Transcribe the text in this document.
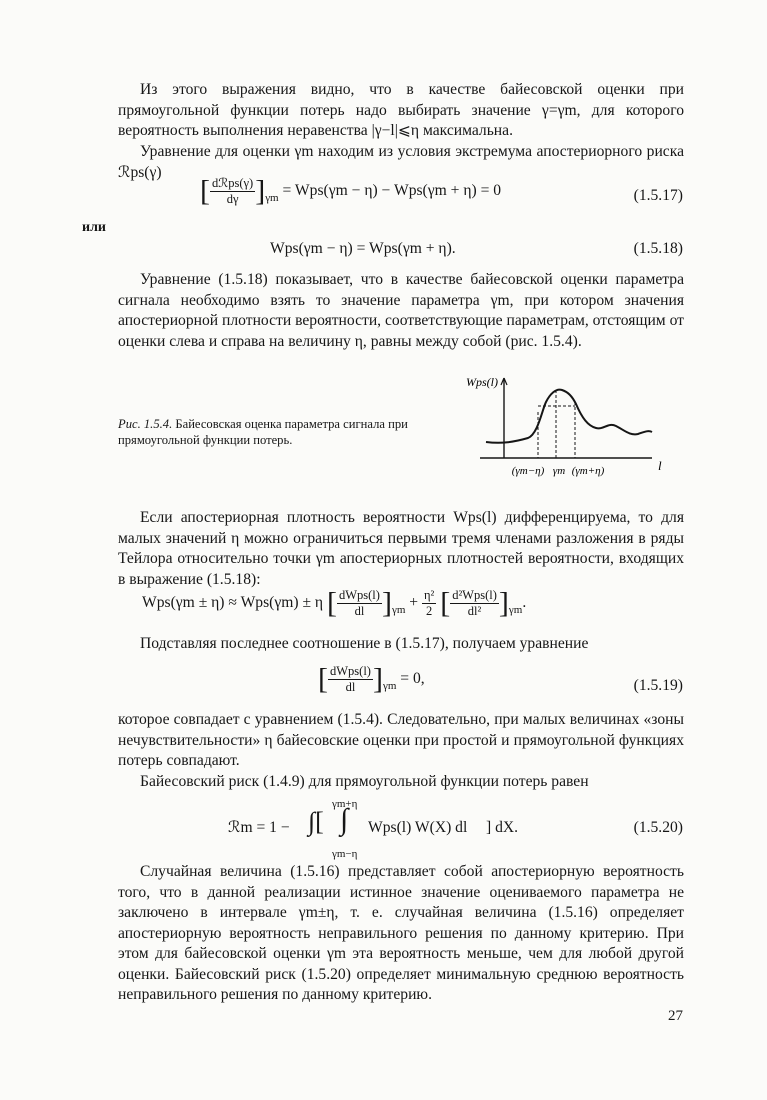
Из этого выражения видно, что в качестве байесовской оценки при прямоугольной функции потерь надо выбирать значение γ=γm, для которого вероятность выполнения неравенства |γ−l|⩽η максимальна.

Уравнение для оценки γm находим из условия экстремума апостериорного риска ℛps(γ)

[ $\frac{\text{dℛps(γ)}}{d\gamma} ]_{\gamma m} = Wps(\gamma m - \eta) - Wps(\gamma m + \eta) = 0$	(1.5.17)
или
Wps(γm − η) = Wps(γm + η).	(1.5.18)

Уравнение (1.5.18) показывает, что в качестве байесовской оценки параметра сигнала необходимо взять то значение параметра γm, при котором значения апостериорной плотности вероятности, соответствующие параметрам, отстоящим от оценки слева и справа на величину η, равны между собой (рис. 1.5.4).

Рис. 1.5.4. Байесовская оценка параметра сигнала при прямоугольной функции потерь.

Wps(l)
l
(γm−η) γm (γm+η)

Если апостериорная плотность вероятности Wps(l) дифференцируема, то для малых значений η можно ограничиться первыми тремя членами разложения в ряды Тейлора относительно точки γm апостериорных плотностей вероятности, входящих в выражение (1.5.18):

Wps(γm ± η) ≈ Wps(γm) ± η [ $\frac{\text{dWps(l)}}{dl} ]_{\gamma m} + \frac{\text{η²}}{2}$ [ $\frac{\text{d²Wps(l)}}{\text{dl²}} ]_{\gamma m}$.

Подставляя последнее соотношение в (1.5.17), получаем уравнение

[ $\frac{\text{dWps(l)}}{dl} ]_{\gamma m} = 0$,	(1.5.19)

которое совпадает с уравнением (1.5.4). Следовательно, при малых величинах «зоны нечувствительности» η байесовские оценки при простой и прямоугольной функциях потерь совпадают.

Байесовский риск (1.4.9) для прямоугольной функции потерь равен

ℛm = 1 − ∫[ ∫
γm+η
γm−η
Wps(l) W(X) dl ] dX.	(1.5.20)

Случайная величина (1.5.16) представляет собой апостериорную вероятность того, что в данной реализации истинное значение оцениваемого параметра не заключено в интервале γm±η, т. е. случайная величина (1.5.16) определяет апостериорную вероятность неправильного решения по данному критерию. При этом для байесовской оценки γm эта вероятность меньше, чем для любой другой оценки. Байесовский риск (1.5.20) определяет минимальную среднюю вероятность неправильного решения по данному критерию.

27
